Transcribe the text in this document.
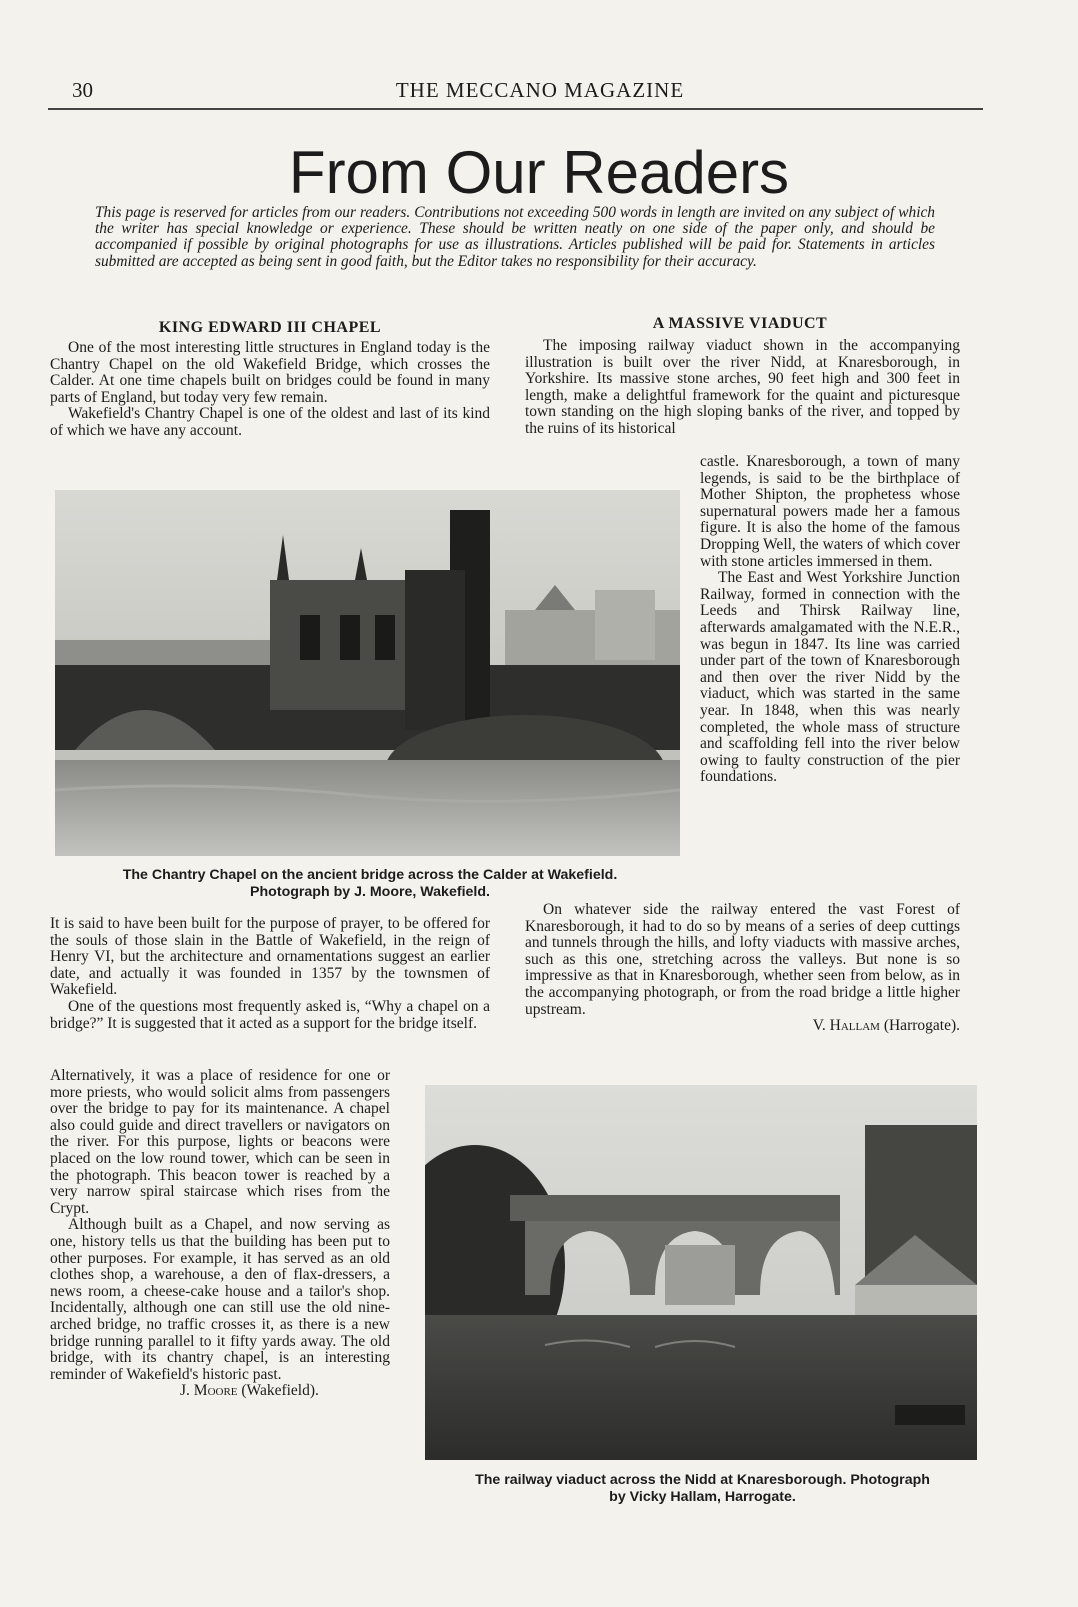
30	THE MECCANO MAGAZINE
From Our Readers
This page is reserved for articles from our readers. Contributions not exceeding 500 words in length are invited on any subject of which the writer has special knowledge or experience. These should be written neatly on one side of the paper only, and should be accompanied if possible by original photographs for use as illustrations. Articles published will be paid for. Statements in articles submitted are accepted as being sent in good faith, but the Editor takes no responsibility for their accuracy.
KING EDWARD III CHAPEL

One of the most interesting little structures in England today is the Chantry Chapel on the old Wakefield Bridge, which crosses the Calder. At one time chapels built on bridges could be found in many parts of England, but today very few remain.

Wakefield's Chantry Chapel is one of the oldest and last of its kind of which we have any account.

A MASSIVE VIADUCT

The imposing railway viaduct shown in the accompanying illustration is built over the river Nidd, at Knaresborough, in Yorkshire. Its massive stone arches, 90 feet high and 300 feet in length, make a delightful framework for the quaint and picturesque town standing on the high sloping banks of the river, and topped by the ruins of its historical

castle. Knaresborough, a town of many legends, is said to be the birthplace of Mother Shipton, the prophetess whose supernatural powers made her a famous figure. It is also the home of the famous Dropping Well, the waters of which cover with stone articles immersed in them.

The East and West Yorkshire Junction Railway, formed in connection with the Leeds and Thirsk Railway line, afterwards amalgamated with the N.E.R., was begun in 1847. Its line was carried under part of the town of Knaresborough and then over the river Nidd by the viaduct, which was started in the same year. In 1848, when this was nearly completed, the whole mass of structure and scaffolding fell into the river below owing to faulty construction of the pier foundations.

On whatever side the railway entered the vast Forest of Knaresborough, it had to do so by means of a series of deep cuttings and tunnels through the hills, and lofty viaducts with massive arches, such as this one, stretching across the valleys. But none is so impressive as that in Knaresborough, whether seen from below, as in the accompanying photograph, or from the road bridge a little higher upstream.

V. Hallam (Harrogate).
The Chantry Chapel on the ancient bridge across the Calder at Wakefield.
Photograph by J. Moore, Wakefield.

It is said to have been built for the purpose of prayer, to be offered for the souls of those slain in the Battle of Wakefield, in the reign of Henry VI, but the architecture and ornamentations suggest an earlier date, and actually it was founded in 1357 by the townsmen of Wakefield.

One of the questions most frequently asked is, “Why a chapel on a bridge?” It is suggested that it acted as a support for the bridge itself.

Alternatively, it was a place of residence for one or more priests, who would solicit alms from passengers over the bridge to pay for its maintenance. A chapel also could guide and direct travellers or navigators on the river. For this purpose, lights or beacons were placed on the low round tower, which can be seen in the photograph. This beacon tower is reached by a very narrow spiral staircase which rises from the Crypt.

Although built as a Chapel, and now serving as one, history tells us that the building has been put to other purposes. For example, it has served as an old clothes shop, a warehouse, a den of flax-dressers, a news room, a cheese-cake house and a tailor's shop. Incidentally, although one can still use the old nine-arched bridge, no traffic crosses it, as there is a new bridge running parallel to it fifty yards away. The old bridge, with its chantry chapel, is an interesting reminder of Wakefield's historic past.

J. Moore (Wakefield).
The railway viaduct across the Nidd at Knaresborough. Photograph
by Vicky Hallam, Harrogate.
